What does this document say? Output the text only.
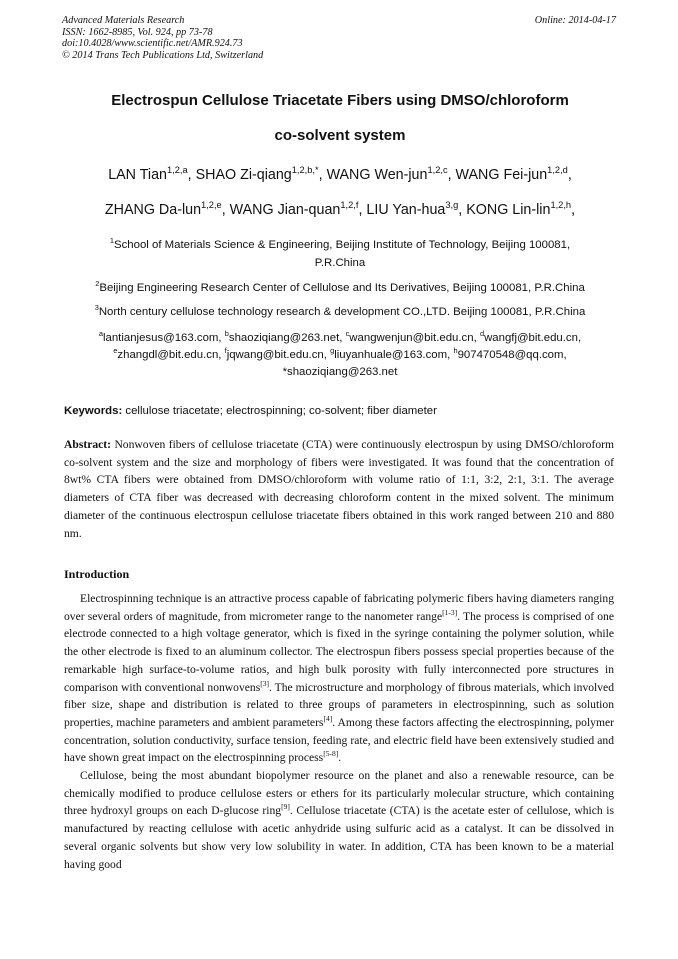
Advanced Materials Research
ISSN: 1662-8985, Vol. 924, pp 73-78
doi:10.4028/www.scientific.net/AMR.924.73
© 2014 Trans Tech Publications Ltd, Switzerland
Online: 2014-04-17
Electrospun Cellulose Triacetate Fibers using DMSO/chloroform
co-solvent system
LAN Tian$^{1,2,a}$, SHAO Zi-qiang$^{1,2,b,*}$, WANG Wen-jun$^{1,2,c}$, WANG Fei-jun$^{1,2,d}$,
ZHANG Da-lun$^{1,2,e}$, WANG Jian-quan$^{1,2,f}$, LIU Yan-hua$^{3,g}$, KONG Lin-lin$^{1,2,h}$,
$^1$School of Materials Science & Engineering, Beijing Institute of Technology, Beijing 100081,
P.R.China
$^2$Beijing Engineering Research Center of Cellulose and Its Derivatives, Beijing 100081, P.R.China
$^3$North century cellulose technology research & development CO.,LTD. Beijing 100081, P.R.China
$^a$lantianjesus@163.com, $^b$shaoziqiang@263.net, $^c$wangwenjun@bit.edu.cn, $^d$wangfj@bit.edu.cn,
$^e$zhangdl@bit.edu.cn, $^f$jqwang@bit.edu.cn, $^g$liuyanhuale@163.com, $^h$907470548@qq.com,
*shaoziqiang@263.net
Keywords: cellulose triacetate; electrospinning; co-solvent; fiber diameter

Abstract: Nonwoven fibers of cellulose triacetate (CTA) were continuously electrospun by using DMSO/chloroform co-solvent system and the size and morphology of fibers were investigated. It was found that the concentration of 8wt% CTA fibers were obtained from DMSO/chloroform with volume ratio of 1:1, 3:2, 2:1, 3:1. The average diameters of CTA fiber was decreased with decreasing chloroform content in the mixed solvent. The minimum diameter of the continuous electrospun cellulose triacetate fibers obtained in this work ranged between 210 and 880 nm.

Introduction

Electrospinning technique is an attractive process capable of fabricating polymeric fibers having diameters ranging over several orders of magnitude, from micrometer range to the nanometer range[1-3]. The process is comprised of one electrode connected to a high voltage generator, which is fixed in the syringe containing the polymer solution, while the other electrode is fixed to an aluminum collector. The electrospun fibers possess special properties because of the remarkable high surface-to-volume ratios, and high bulk porosity with fully interconnected pore structures in comparison with conventional nonwovens[3]. The microstructure and morphology of fibrous materials, which involved fiber size, shape and distribution is related to three groups of parameters in electrospinning, such as solution properties, machine parameters and ambient parameters[4]. Among these factors affecting the electrospinning, polymer concentration, solution conductivity, surface tension, feeding rate, and electric field have been extensively studied and have shown great impact on the electrospinning process[5-8].

Cellulose, being the most abundant biopolymer resource on the planet and also a renewable resource, can be chemically modified to produce cellulose esters or ethers for its particularly molecular structure, which containing three hydroxyl groups on each D-glucose ring[9]. Cellulose triacetate (CTA) is the acetate ester of cellulose, which is manufactured by reacting cellulose with acetic anhydride using sulfuric acid as a catalyst. It can be dissolved in several organic solvents but show very low solubility in water. In addition, CTA has been known to be a material having good
